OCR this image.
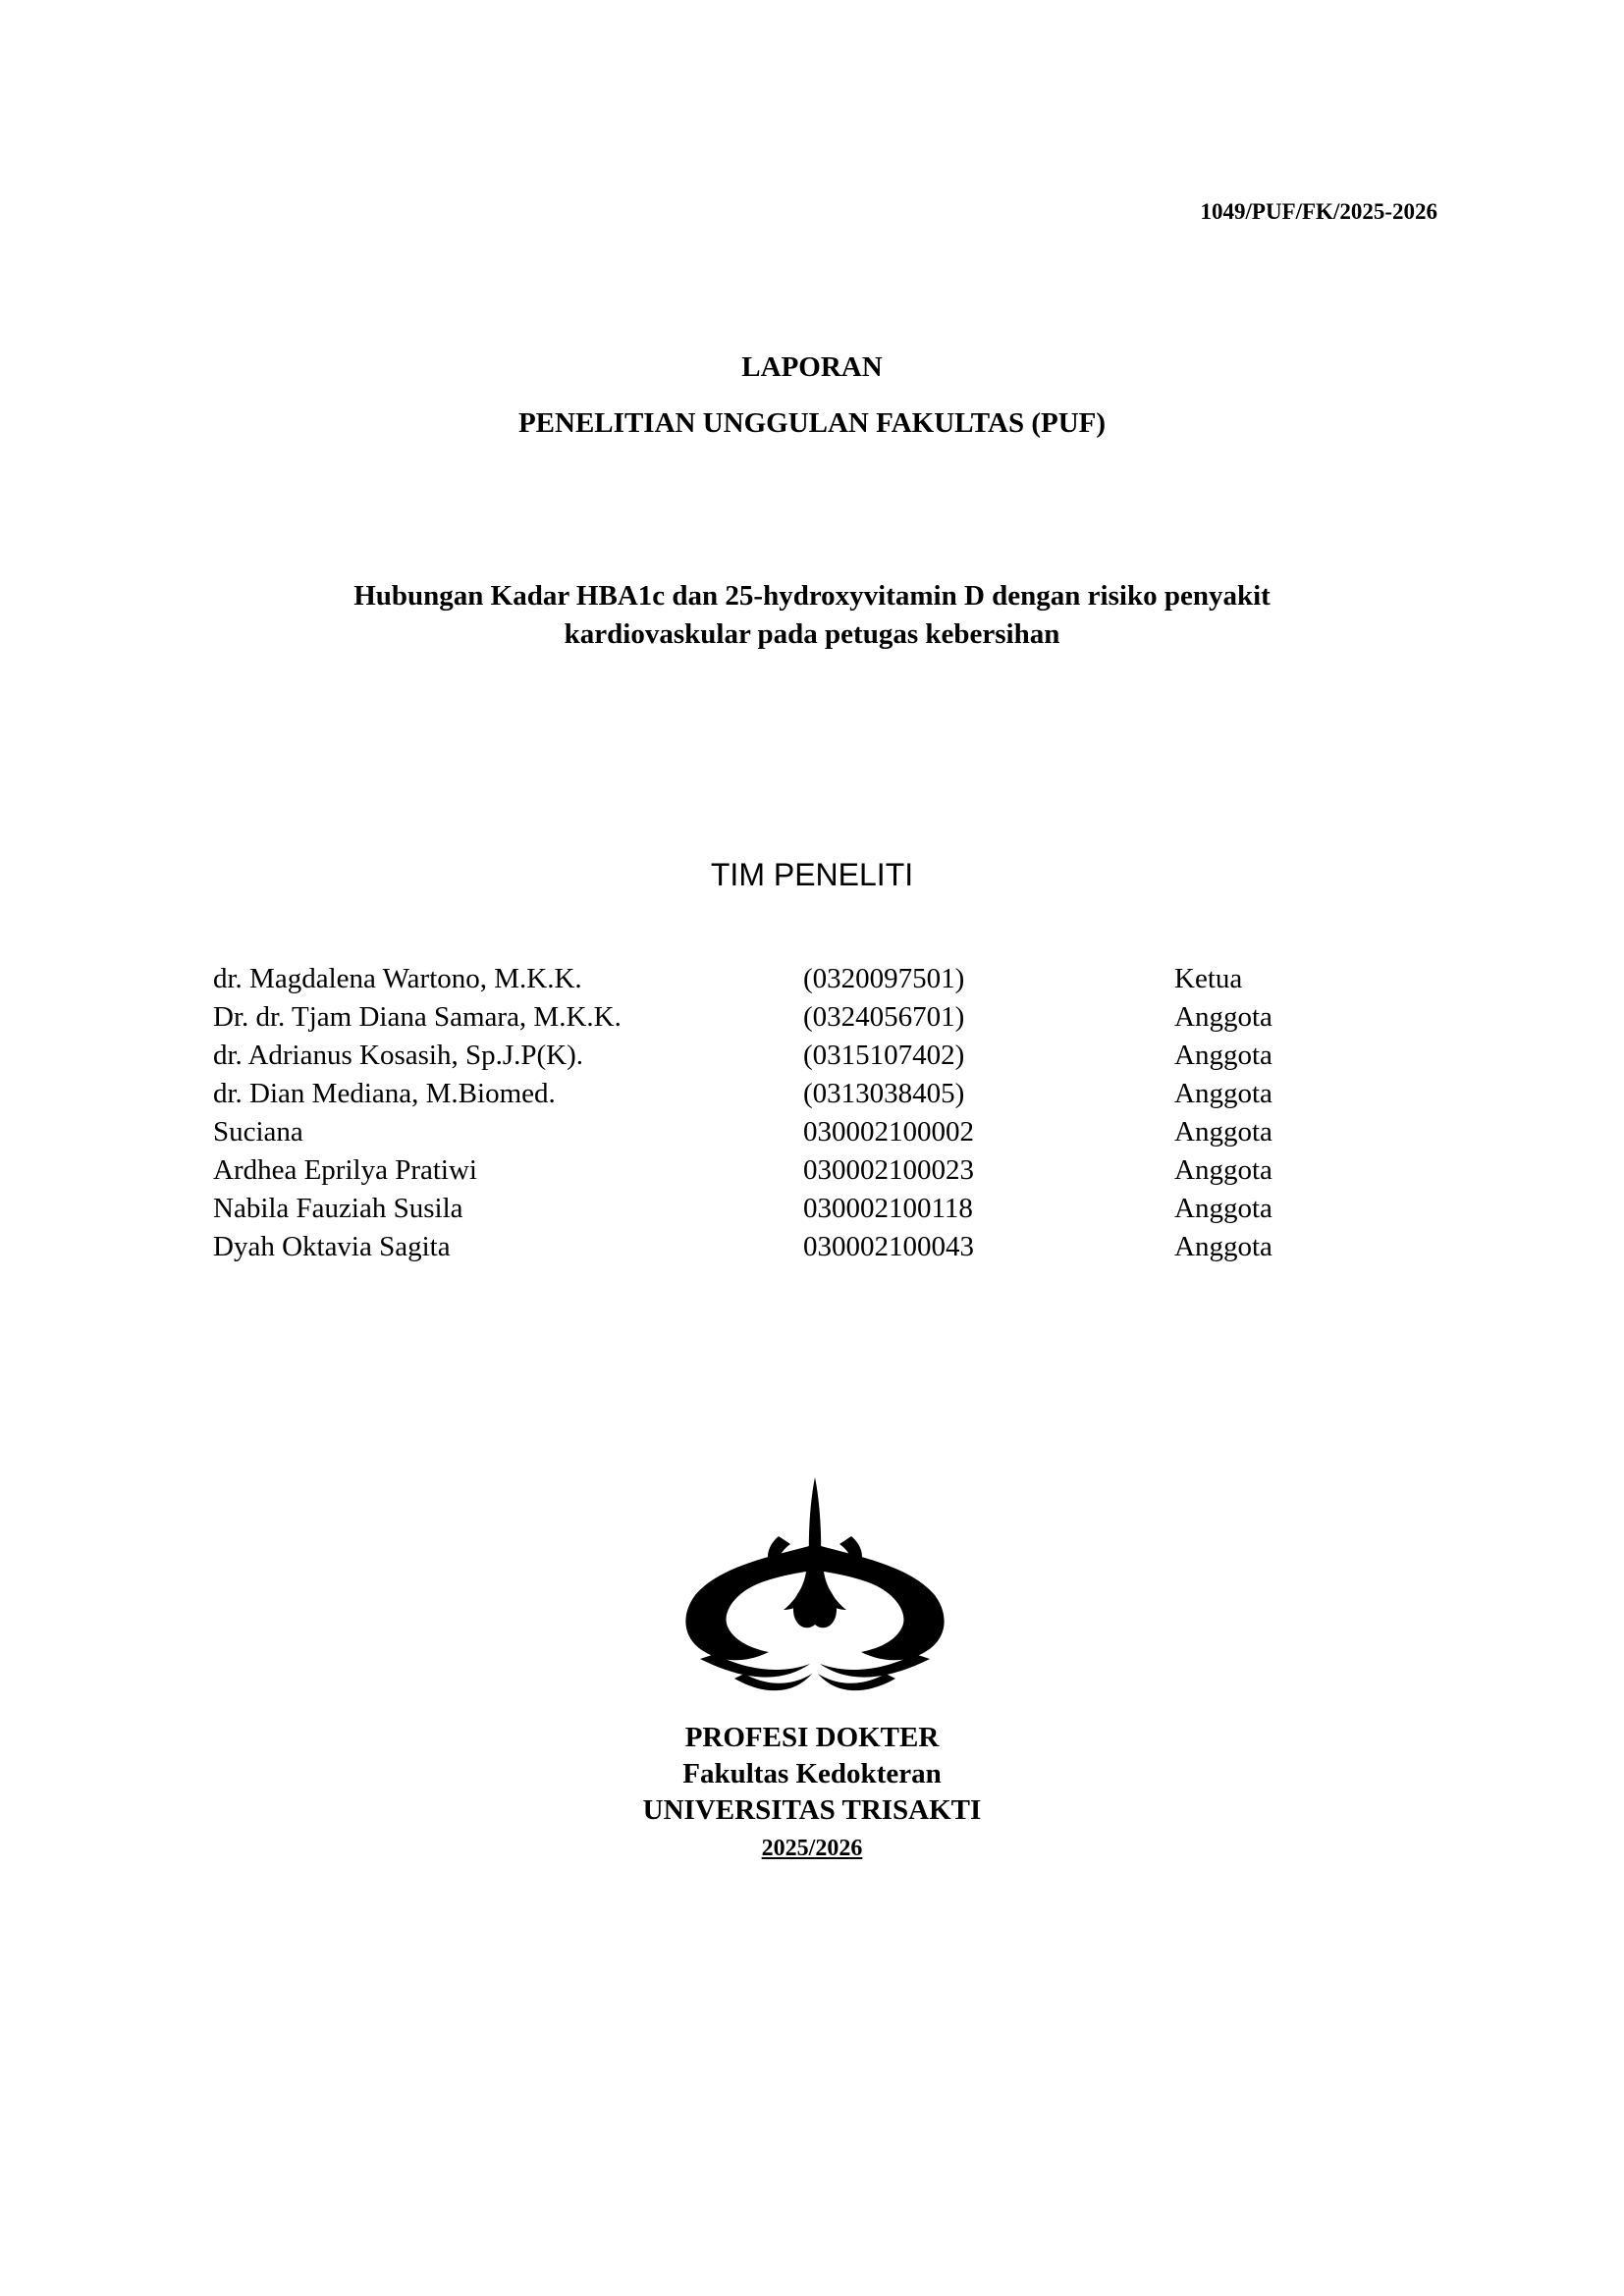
1049/PUF/FK/2025-2026
LAPORAN
PENELITIAN UNGGULAN FAKULTAS (PUF)
Hubungan Kadar HBA1c dan 25-hydroxyvitamin D dengan risiko penyakit
kardiovaskular pada petugas kebersihan
TIM PENELITI
dr. Magdalena Wartono, M.K.K.	(0320097501)	Ketua
Dr. dr. Tjam Diana Samara, M.K.K.	(0324056701)	Anggota
dr. Adrianus Kosasih, Sp.J.P(K).	(0315107402)	Anggota
dr. Dian Mediana, M.Biomed.	(0313038405)	Anggota
Suciana	030002100002	Anggota
Ardhea Eprilya Pratiwi	030002100023	Anggota
Nabila Fauziah Susila	030002100118	Anggota
Dyah Oktavia Sagita	030002100043	Anggota
PROFESI DOKTER
Fakultas Kedokteran
UNIVERSITAS TRISAKTI
2025/2026
